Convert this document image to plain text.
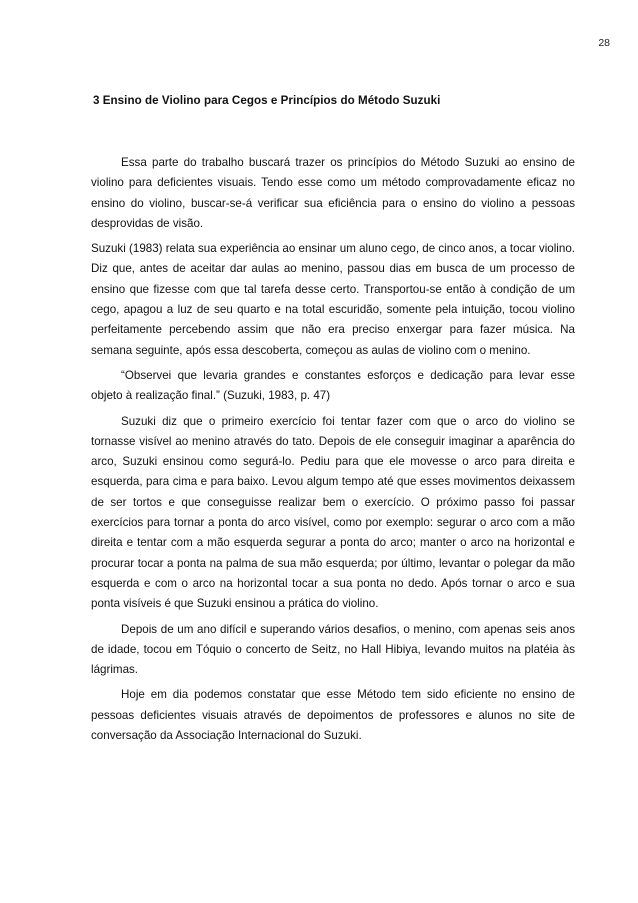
28
3 Ensino de Violino para Cegos e Princípios do Método Suzuki

Essa parte do trabalho buscará trazer os princípios do Método Suzuki ao ensino de violino para deficientes visuais. Tendo esse como um método comprovadamente eficaz no ensino do violino, buscar-se-á verificar sua eficiência para o ensino do violino a pessoas desprovidas de visão.

Suzuki (1983) relata sua experiência ao ensinar um aluno cego, de cinco anos, a tocar violino. Diz que, antes de aceitar dar aulas ao menino, passou dias em busca de um processo de ensino que fizesse com que tal tarefa desse certo. Transportou-se então à condição de um cego, apagou a luz de seu quarto e na total escuridão, somente pela intuição, tocou violino perfeitamente percebendo assim que não era preciso enxergar para fazer música. Na semana seguinte, após essa descoberta, começou as aulas de violino com o menino.

“Observei que levaria grandes e constantes esforços e dedicação para levar esse objeto à realização final.” (Suzuki, 1983, p. 47)

Suzuki diz que o primeiro exercício foi tentar fazer com que o arco do violino se tornasse visível ao menino através do tato. Depois de ele conseguir imaginar a aparência do arco, Suzuki ensinou como segurá-lo. Pediu para que ele movesse o arco para direita e esquerda, para cima e para baixo. Levou algum tempo até que esses movimentos deixassem de ser tortos e que conseguisse realizar bem o exercício. O próximo passo foi passar exercícios para tornar a ponta do arco visível, como por exemplo: segurar o arco com a mão direita e tentar com a mão esquerda segurar a ponta do arco; manter o arco na horizontal e procurar tocar a ponta na palma de sua mão esquerda; por último, levantar o polegar da mão esquerda e com o arco na horizontal tocar a sua ponta no dedo. Após tornar o arco e sua ponta visíveis é que Suzuki ensinou a prática do violino.

Depois de um ano difícil e superando vários desafios, o menino, com apenas seis anos de idade, tocou em Tóquio o concerto de Seitz, no Hall Hibiya, levando muitos na platéia às lágrimas.

Hoje em dia podemos constatar que esse Método tem sido eficiente no ensino de pessoas deficientes visuais através de depoimentos de professores e alunos no site de conversação da Associação Internacional do Suzuki.
